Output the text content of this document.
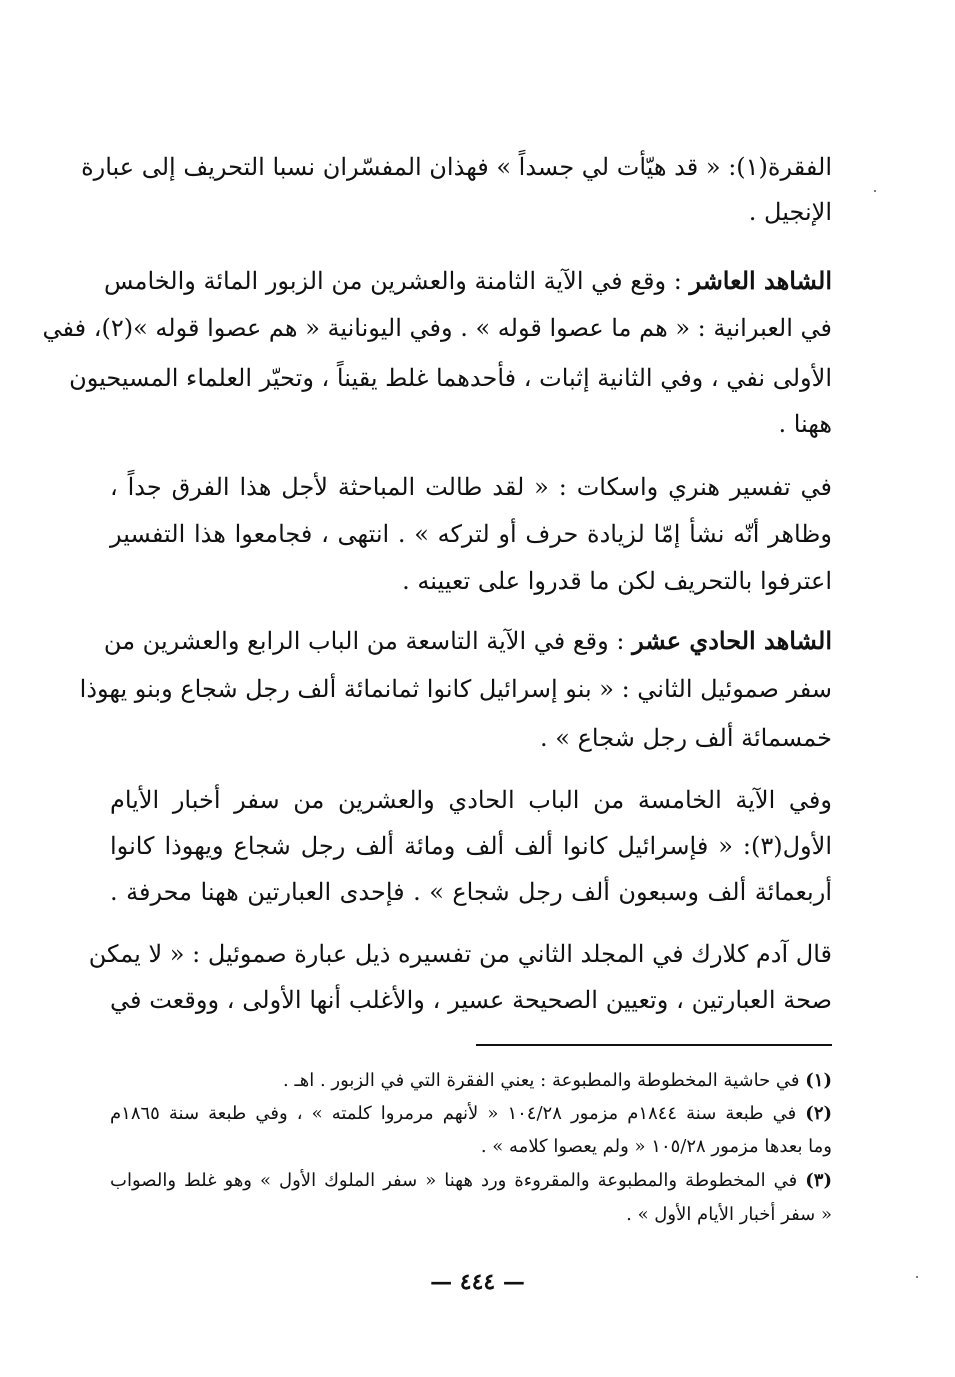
الفقرة(١): « قد هيّأت لي جسداً » فهذان المفسّران نسبا التحريف إلى عبارة

الإنجيل .

الشاهد العاشر : وقع في الآية الثامنة والعشرين من الزبور المائة والخامس

في العبرانية : « هم ما عصوا قوله » . وفي اليونانية « هم عصوا قوله »(٢)، ففي

الأولى نفي ، وفي الثانية إثبات ، فأحدهما غلط يقيناً ، وتحيّر العلماء المسيحيون

ههنا .

في تفسير هنري واسكات : « لقد طالت المباحثة لأجل هذا الفرق جداً ،

وظاهر أنّه نشأ إمّا لزيادة حرف أو لتركه » . انتهى ، فجامعوا هذا التفسير

اعترفوا بالتحريف لكن ما قدروا على تعيينه .

الشاهد الحادي عشر : وقع في الآية التاسعة من الباب الرابع والعشرين من

سفر صموئيل الثاني : « بنو إسرائيل كانوا ثمانمائة ألف رجل شجاع وبنو يهوذا

خمسمائة ألف رجل شجاع » .

وفي الآية الخامسة من الباب الحادي والعشرين من سفر أخبار الأيام

الأول(٣): « فإسرائيل كانوا ألف ألف ومائة ألف رجل شجاع ويهوذا كانوا

أربعمائة ألف وسبعون ألف رجل شجاع » . فإحدى العبارتين ههنا محرفة .

قال آدم كلارك في المجلد الثاني من تفسيره ذيل عبارة صموئيل : « لا يمكن

صحة العبارتين ، وتعيين الصحيحة عسير ، والأغلب أنها الأولى ، ووقعت في

(١) في حاشية المخطوطة والمطبوعة : يعني الفقرة التي في الزبور . اهـ .

(٢) في طبعة سنة ١٨٤٤م مزمور ١٠٤/٢٨ « لأنهم مرمروا كلمته » ، وفي طبعة سنة ١٨٦٥م

وما بعدها مزمور ١٠٥/٢٨ « ولم يعصوا كلامه » .

(٣) في المخطوطة والمطبوعة والمقروءة ورد ههنا « سفر الملوك الأول » وهو غلط والصواب

« سفر أخبار الأيام الأول » .

— ٤٤٤ —
